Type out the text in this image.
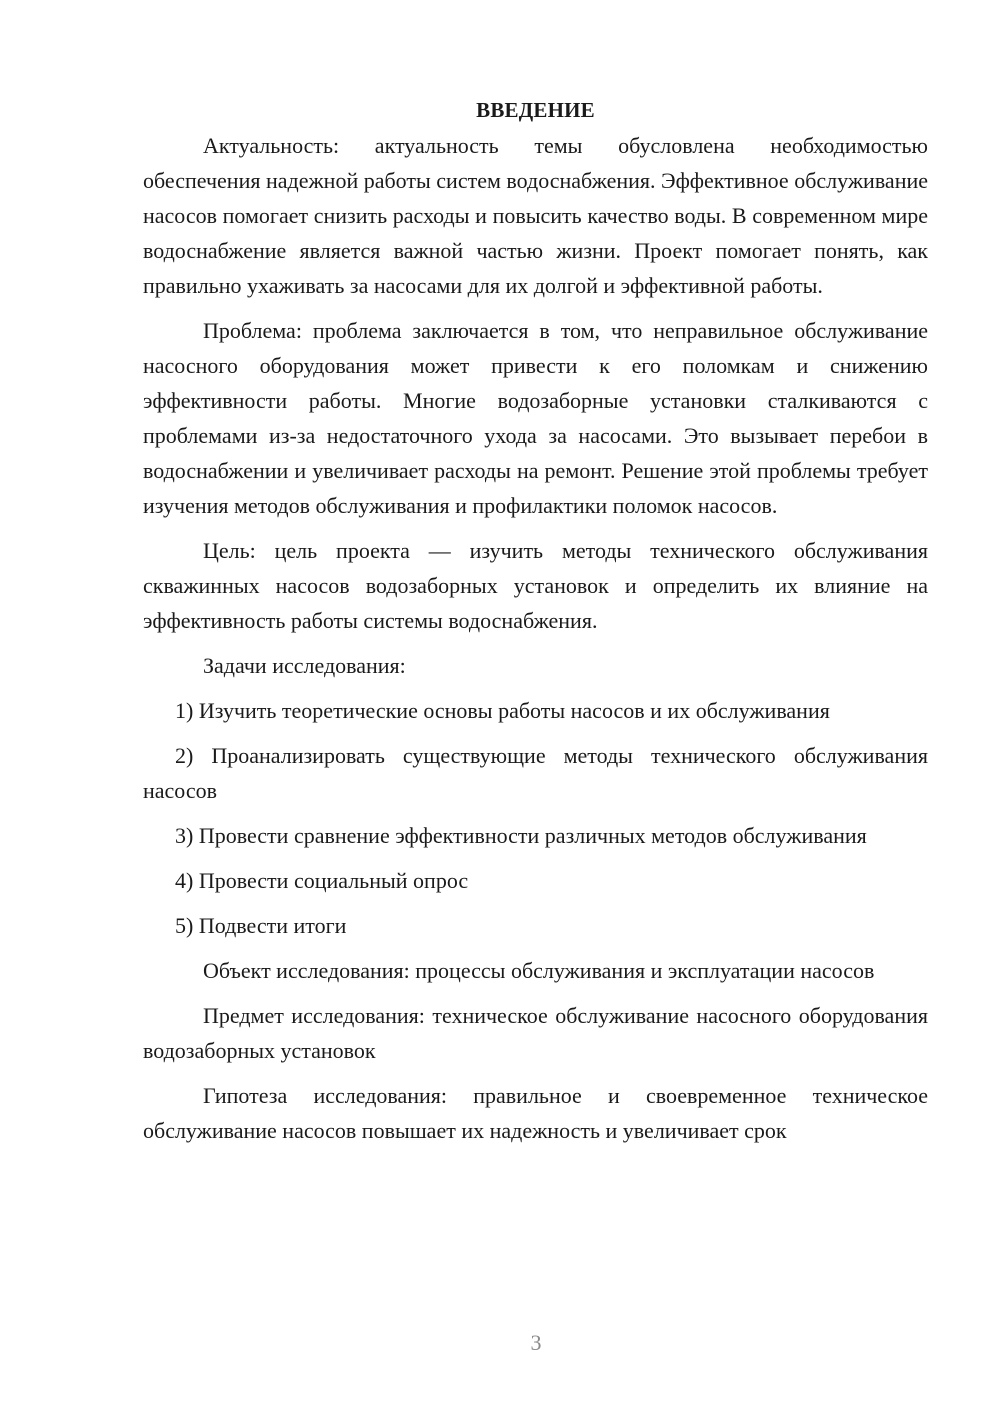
ВВЕДЕНИЕ

Актуальность: актуальность темы обусловлена необходимостью обеспечения надежной работы систем водоснабжения. Эффективное обслуживание насосов помогает снизить расходы и повысить качество воды. В современном мире водоснабжение является важной частью жизни. Проект помогает понять, как правильно ухаживать за насосами для их долгой и эффективной работы.

Проблема: проблема заключается в том, что неправильное обслуживание насосного оборудования может привести к его поломкам и снижению эффективности работы. Многие водозаборные установки сталкиваются с проблемами из-за недостаточного ухода за насосами. Это вызывает перебои в водоснабжении и увеличивает расходы на ремонт. Решение этой проблемы требует изучения методов обслуживания и профилактики поломок насосов.

Цель: цель проекта — изучить методы технического обслуживания скважинных насосов водозаборных установок и определить их влияние на эффективность работы системы водоснабжения.

Задачи исследования:

1) Изучить теоретические основы работы насосов и их обслуживания

2) Проанализировать существующие методы технического обслуживания насосов

3) Провести сравнение эффективности различных методов обслуживания

4) Провести социальный опрос

5) Подвести итоги

Объект исследования: процессы обслуживания и эксплуатации насосов

Предмет исследования: техническое обслуживание насосного оборудования водозаборных установок

Гипотеза исследования: правильное и своевременное техническое обслуживание насосов повышает их надежность и увеличивает срок

3
